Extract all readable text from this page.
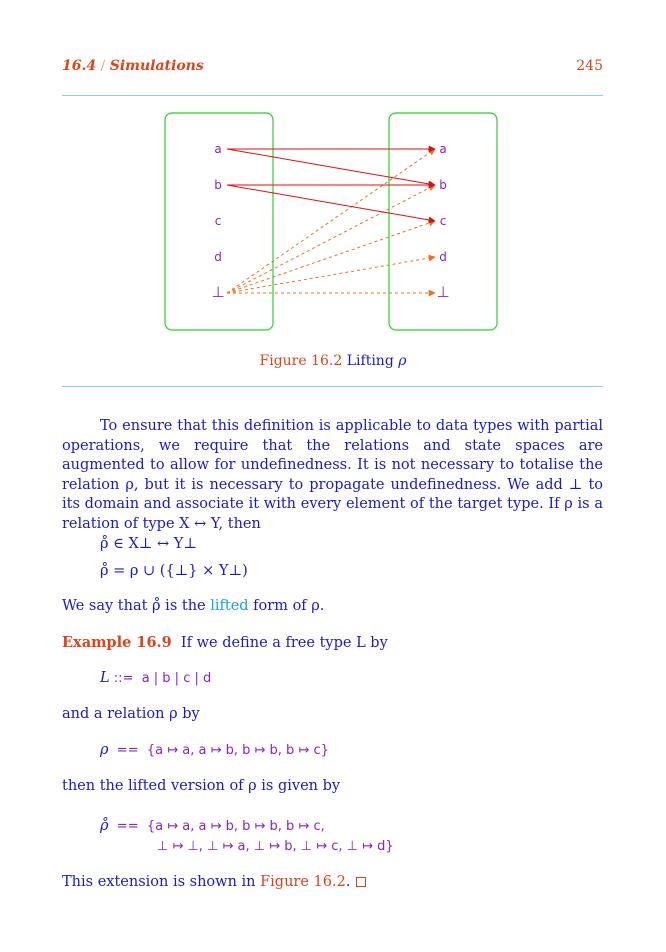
16.4 / Simulations	245
a
b
c
d
⊥
a
b
c
d
⊥
Figure 16.2 Lifting ρ

To ensure that this definition is applicable to data types with partial operations, we require that the relations and state spaces are augmented to allow for undefinedness. It is not necessary to totalise the relation ρ, but it is necessary to propagate undefinedness. We add ⊥ to its domain and associate it with every element of the target type. If ρ is a relation of type X ↔ Y, then

ρ̊ ∈ X⊥ ↔ Y⊥
ρ̊ = ρ ∪ ({⊥} × Y⊥)
We say that ρ̊ is the lifted form of ρ.
Example 16.9 If we define a free type L by
L ::=  a | b | c | d
and a relation ρ by
ρ  ==  {a ↦ a, a ↦ b, b ↦ b, b ↦ c}
then the lifted version of ρ is given by
ρ̊  ==  {a ↦ a, a ↦ b, b ↦ b, b ↦ c,
⊥ ↦ ⊥, ⊥ ↦ a, ⊥ ↦ b, ⊥ ↦ c, ⊥ ↦ d}
This extension is shown in Figure 16.2.
